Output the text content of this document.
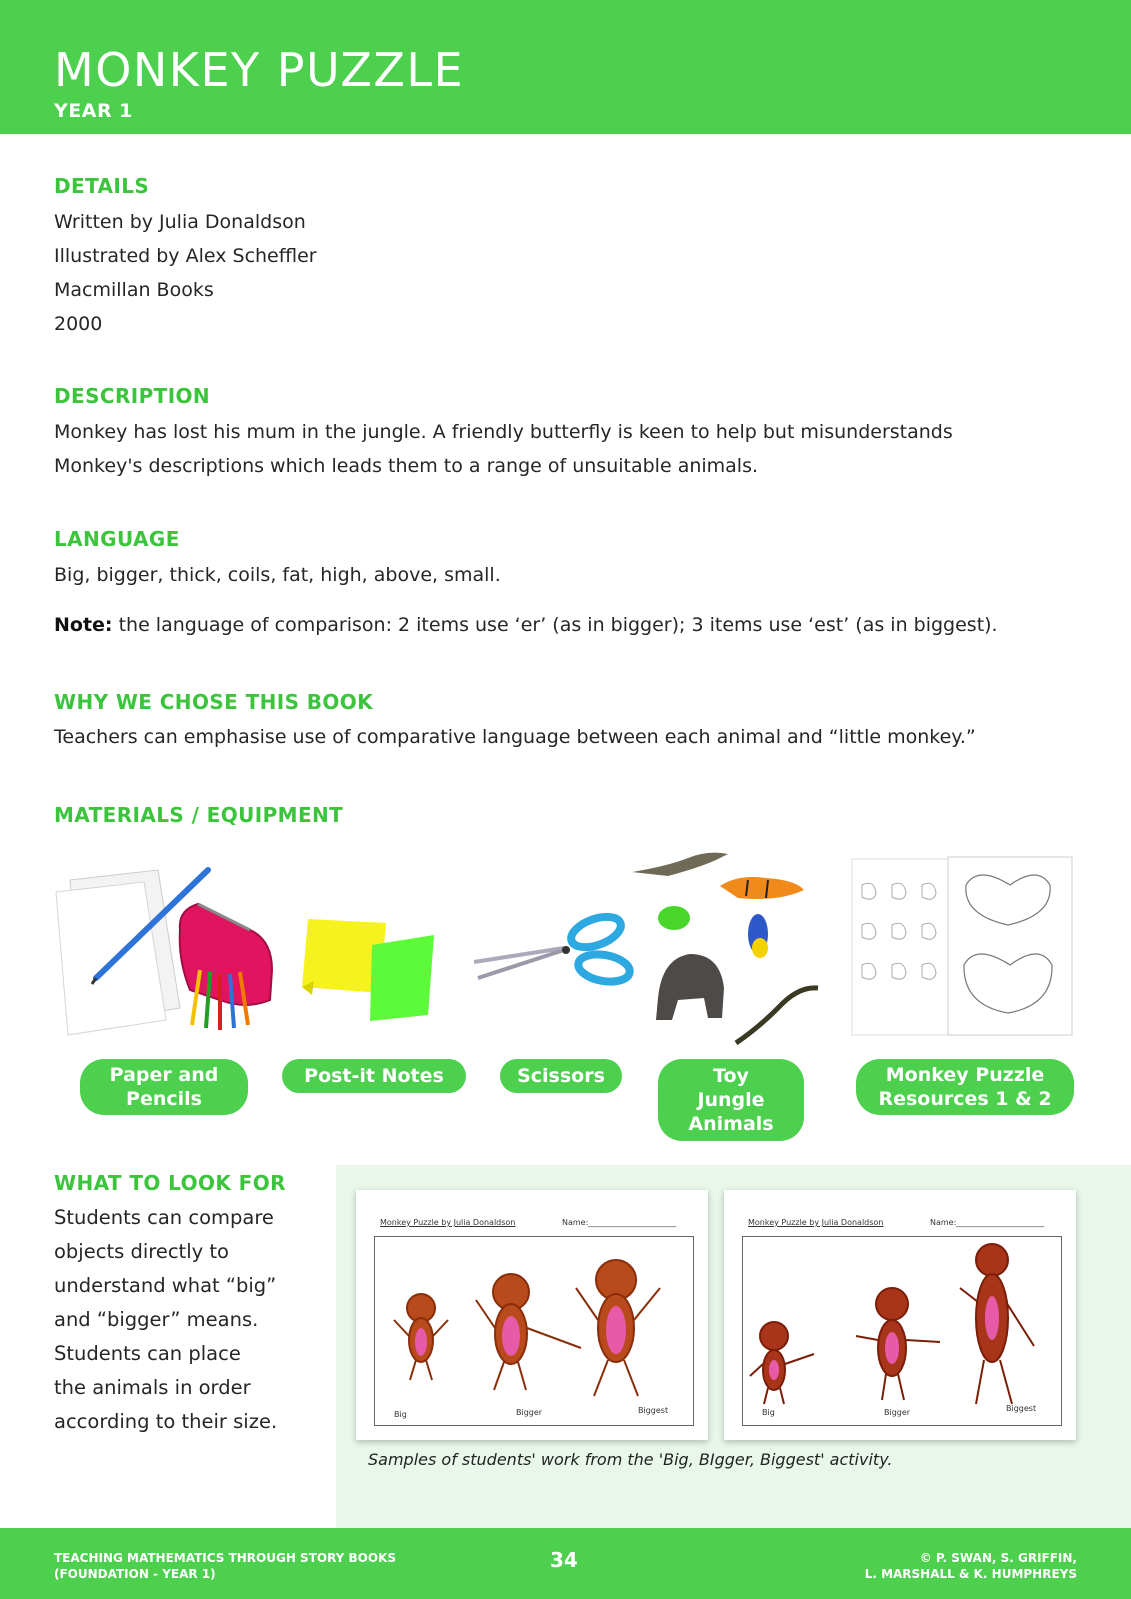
MONKEY PUZZLE
YEAR 1
DETAILS
Written by Julia Donaldson
Illustrated by Alex Scheffler
Macmillan Books
2000
DESCRIPTION
Monkey has lost his mum in the jungle. A friendly butterfly is keen to help but misunderstands
Monkey's descriptions which leads them to a range of unsuitable animals.
LANGUAGE
Big, bigger, thick, coils, fat, high, above, small.
Note: the language of comparison: 2 items use ‘er’ (as in bigger); 3 items use ‘est’ (as in biggest).
WHY WE CHOSE THIS BOOK
Teachers can emphasise use of comparative language between each animal and “little monkey.”
MATERIALS / EQUIPMENT
Paper and Pencils
Post-it Notes	Scissors	Toy Jungle Animals
Monkey Puzzle Resources 1 & 2
WHAT TO LOOK FOR
Students can compare
objects directly to
understand what “big”
and “bigger” means.
Students can place
the animals in order
according to their size.
Monkey Puzzle by Julia Donaldson	Name:______________________
Big	Bigger	Biggest
Monkey Puzzle by Julia Donaldson	Name:______________________
Big	Bigger	Biggest
Samples of students' work from the 'Big, BIgger, Biggest' activity.
TEACHING MATHEMATICS THROUGH STORY BOOKS
(FOUNDATION - YEAR 1)
34	© P. SWAN, S. GRIFFIN,
L. MARSHALL & K. HUMPHREYS
